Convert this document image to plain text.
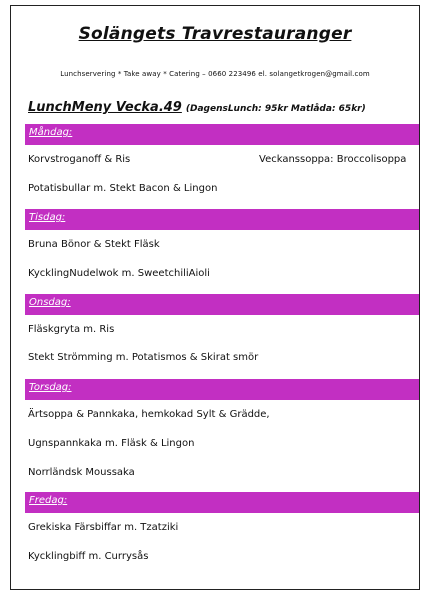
Solängets Travrestauranger
Lunchservering * Take away * Catering – 0660 223496 el. solangetkrogen@gmail.com
LunchMeny Vecka.49 (DagensLunch: 95kr Matlåda: 65kr)
Måndag:
Korvstroganoff & Ris	Veckanssoppa: Broccolisoppa
Potatisbullar m. Stekt Bacon & Lingon
Tisdag:
Bruna Bönor & Stekt Fläsk
KycklingNudelwok m. SweetchiliAioli
Onsdag:
Fläskgryta m. Ris
Stekt Strömming m. Potatismos & Skirat smör
Torsdag:
Ärtsoppa & Pannkaka, hemkokad Sylt & Grädde,
Ugnspannkaka m. Fläsk & Lingon
Norrländsk Moussaka
Fredag:
Grekiska Färsbiffar m. Tzatziki
Kycklingbiff m. Currysås
